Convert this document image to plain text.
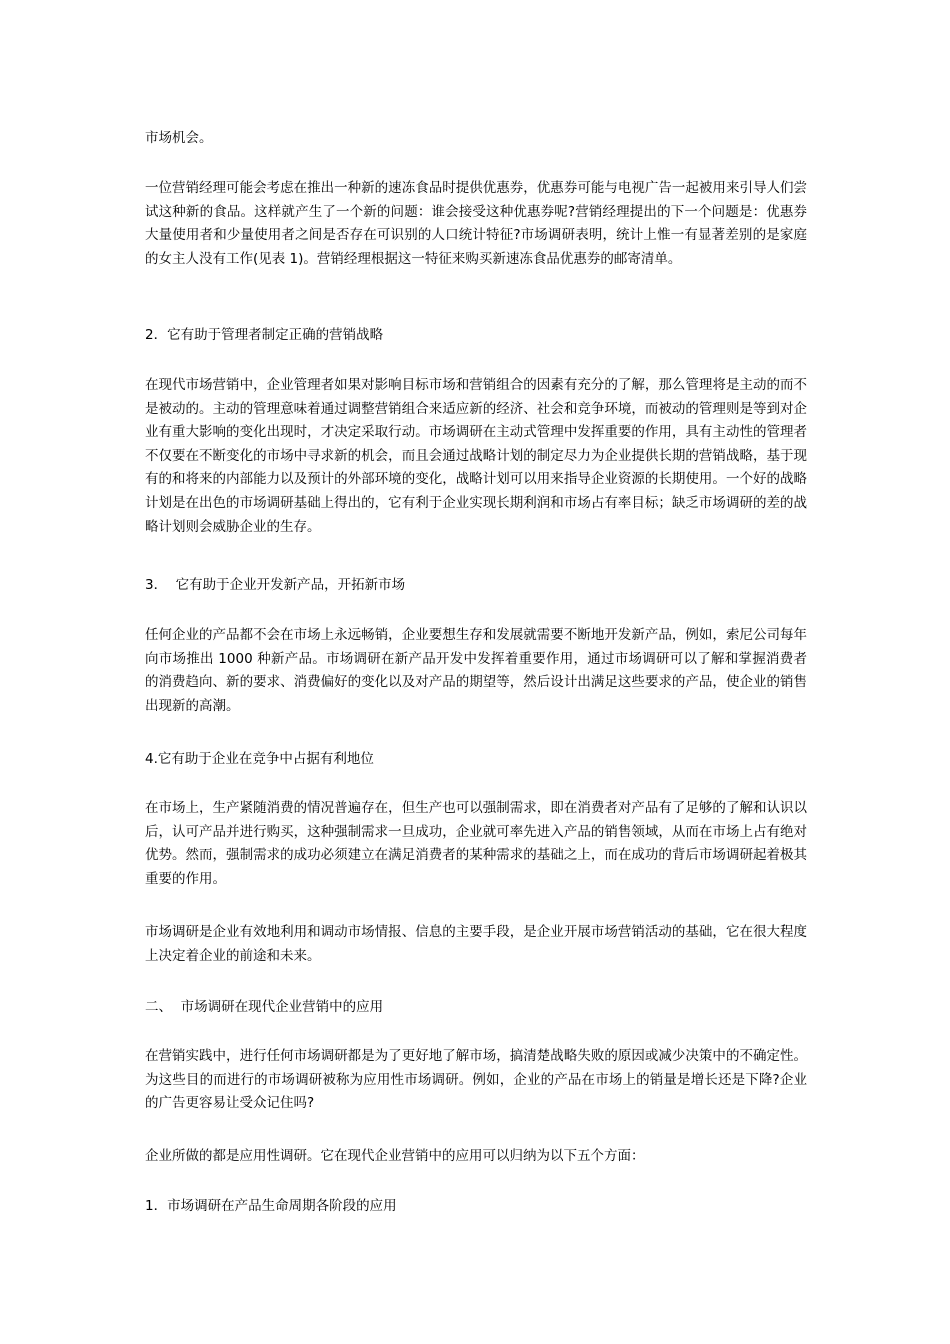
市场机会。

一位营销经理可能会考虑在推出一种新的速冻食品时提供优惠券，优惠券可能与电视广告一起被用来引导人们尝试这种新的食品。这样就产生了一个新的问题：谁会接受这种优惠券呢?营销经理提出的下一个问题是：优惠券大量使用者和少量使用者之间是否存在可识别的人口统计特征?市场调研表明，统计上惟一有显著差别的是家庭的女主人没有工作(见表 1)。营销经理根据这一特征来购买新速冻食品优惠券的邮寄清单。

2．它有助于管理者制定正确的营销战略

在现代市场营销中，企业管理者如果对影响目标市场和营销组合的因素有充分的了解，那么管理将是主动的而不是被动的。主动的管理意味着通过调整营销组合来适应新的经济、社会和竞争环境，而被动的管理则是等到对企业有重大影响的变化出现时，才决定采取行动。市场调研在主动式管理中发挥重要的作用，具有主动性的管理者不仅要在不断变化的市场中寻求新的机会，而且会通过战略计划的制定尽力为企业提供长期的营销战略，基于现有的和将来的内部能力以及预计的外部环境的变化，战略计划可以用来指导企业资源的长期使用。一个好的战略计划是在出色的市场调研基础上得出的，它有利于企业实现长期利润和市场占有率目标；缺乏市场调研的差的战略计划则会威胁企业的生存。

3．  它有助于企业开发新产品，开拓新市场

任何企业的产品都不会在市场上永远畅销，企业要想生存和发展就需要不断地开发新产品，例如，索尼公司每年向市场推出 1000 种新产品。市场调研在新产品开发中发挥着重要作用，通过市场调研可以了解和掌握消费者的消费趋向、新的要求、消费偏好的变化以及对产品的期望等，然后设计出满足这些要求的产品，使企业的销售出现新的高潮。

4.它有助于企业在竞争中占据有利地位

在市场上，生产紧随消费的情况普遍存在，但生产也可以强制需求，即在消费者对产品有了足够的了解和认识以后，认可产品并进行购买，这种强制需求一旦成功，企业就可率先进入产品的销售领域，从而在市场上占有绝对优势。然而，强制需求的成功必须建立在满足消费者的某种需求的基础之上，而在成功的背后市场调研起着极其重要的作用。

市场调研是企业有效地利用和调动市场情报、信息的主要手段，是企业开展市场营销活动的基础，它在很大程度上决定着企业的前途和未来。

二、  市场调研在现代企业营销中的应用

在营销实践中，进行任何市场调研都是为了更好地了解市场，搞清楚战略失败的原因或减少决策中的不确定性。为这些目的而进行的市场调研被称为应用性市场调研。例如，企业的产品在市场上的销量是增长还是下降?企业的广告更容易让受众记住吗?

企业所做的都是应用性调研。它在现代企业营销中的应用可以归纳为以下五个方面：

1．市场调研在产品生命周期各阶段的应用
